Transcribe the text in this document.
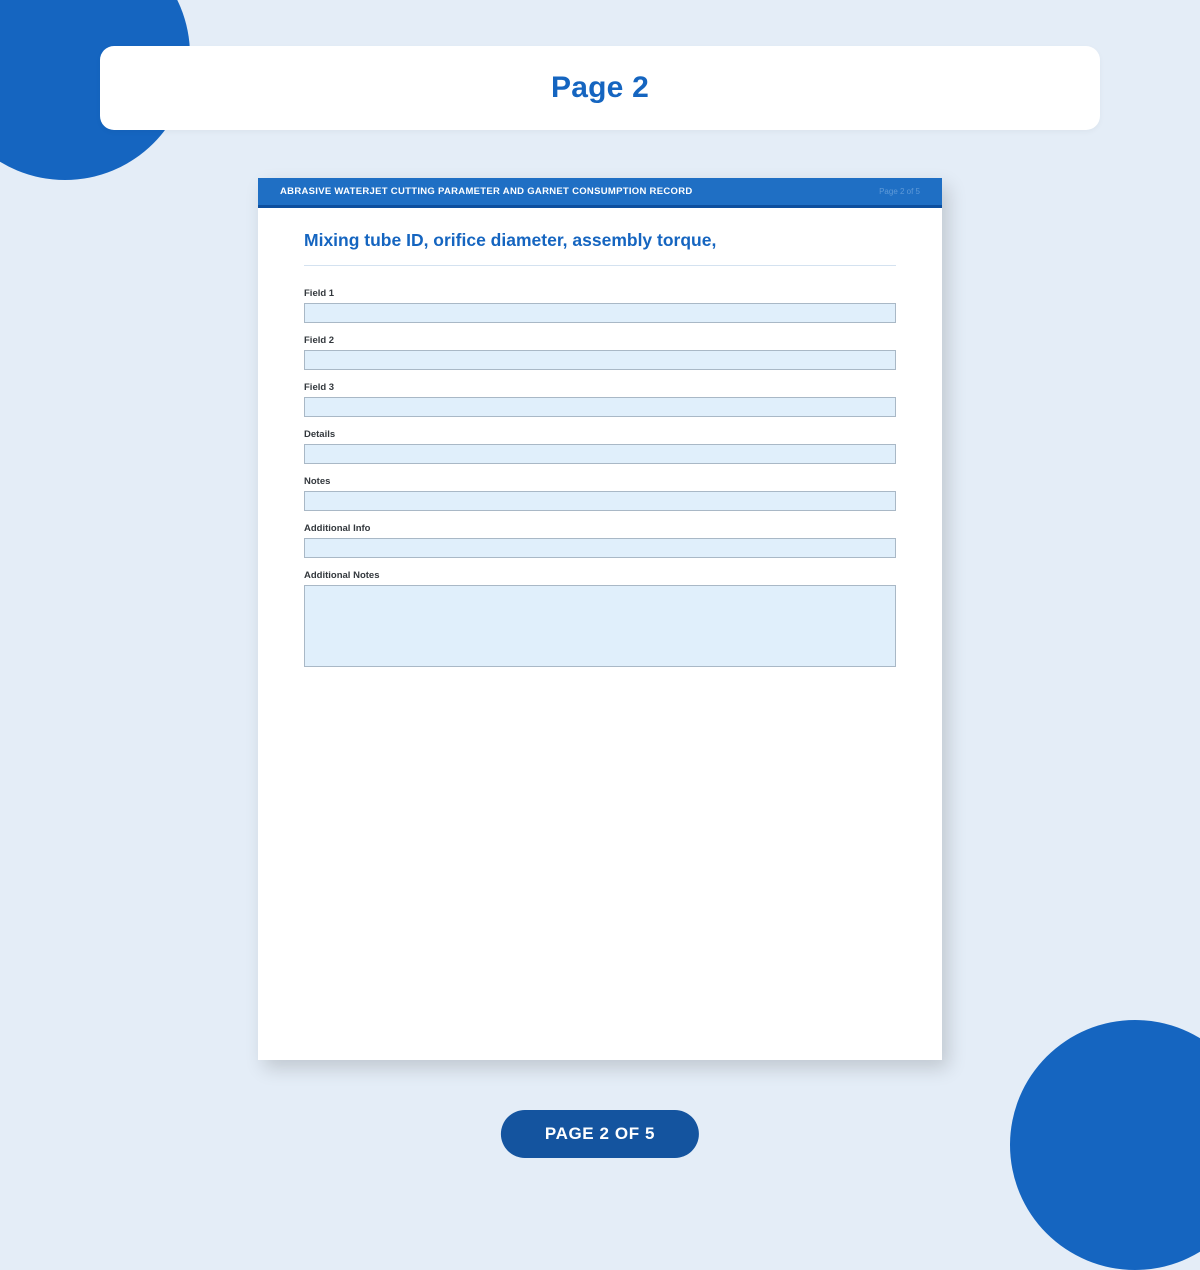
Page 2
ABRASIVE WATERJET CUTTING PARAMETER AND GARNET CONSUMPTION RECORD	Page 2 of 5
Mixing tube ID, orifice diameter, assembly torque,
Field 1
Field 2
Field 3
Details
Notes
Additional Info
Additional Notes
PAGE 2 OF 5
